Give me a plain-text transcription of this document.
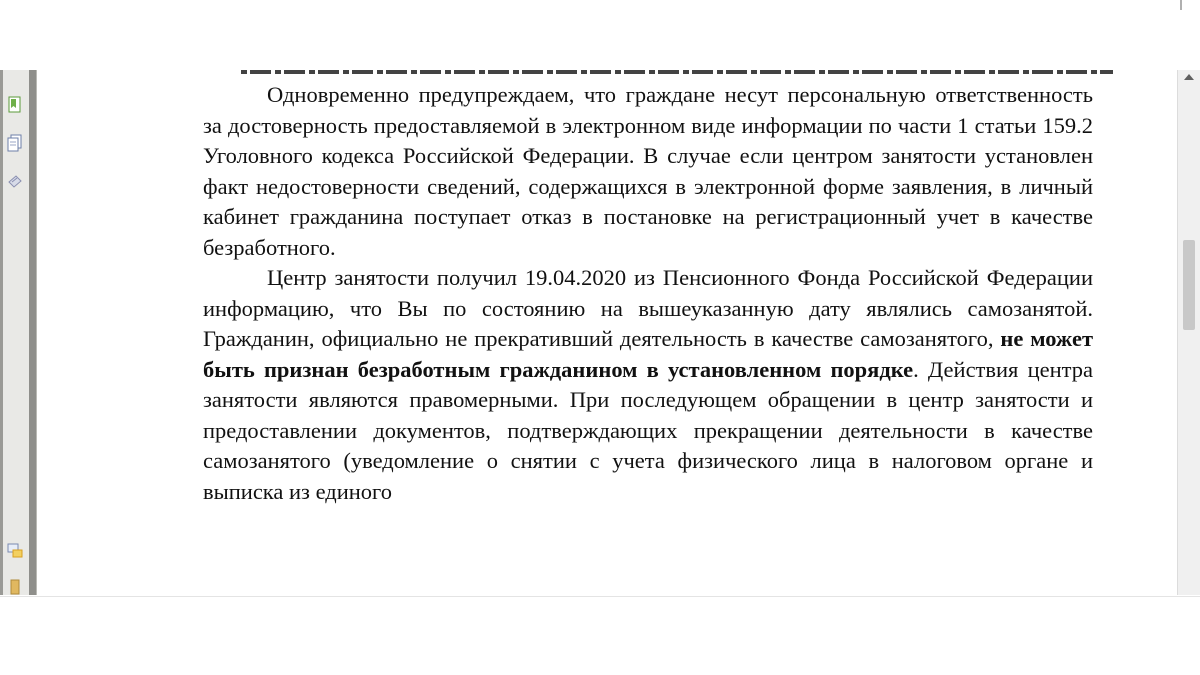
Одновременно предупреждаем, что граждане несут персональную ответственность за достоверность предоставляемой в электронном виде информации по части 1 статьи 159.2 Уголовного кодекса Российской Федерации. В случае если центром занятости установлен факт недостоверности сведений, содержащихся в электронной форме заявления, в личный кабинет гражданина поступает отказ в постановке на регистрационный учет в качестве безработного.

Центр занятости получил 19.04.2020 из Пенсионного Фонда Российской Федерации информацию, что Вы по состоянию на вышеуказанную дату являлись самозанятой. Гражданин, официально не прекративший деятельность в качестве самозанятого, не может быть признан безработным гражданином в установленном порядке. Действия центра занятости являются правомерными. При последующем обращении в центр занятости и предоставлении документов, подтверждающих прекращении деятельности в качестве самозанятого (уведомление о снятии с учета физического лица в налоговом органе и выписка из единого
